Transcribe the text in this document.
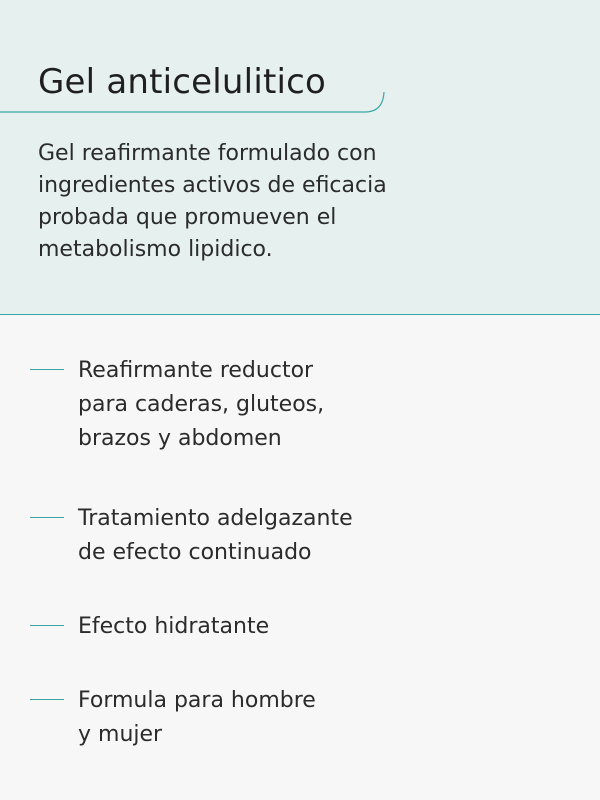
Gel anticelulitico

Gel reafirmante formulado con
ingredientes activos de eficacia
probada que promueven el
metabolismo lipidico.

Reafirmante reductor
para caderas, gluteos,
brazos y abdomen

Tratamiento adelgazante
de efecto continuado

Efecto hidratante

Formula para hombre
y mujer
